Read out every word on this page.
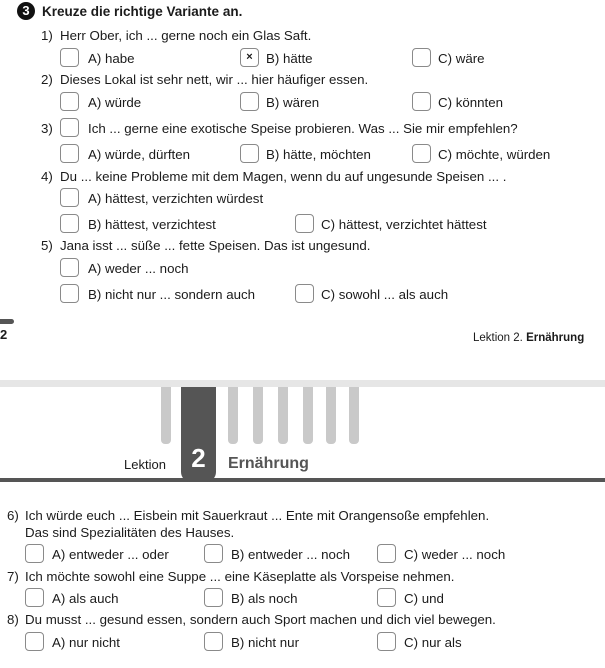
3 Kreuze die richtige Variante an.
1) Herr Ober, ich ... gerne noch ein Glas Saft.
A) habe	× B) hätte	C) wäre
2) Dieses Lokal ist sehr nett, wir ... hier häufiger essen.
A) würde	B) wären	C) könnten
3)	Ich ... gerne eine exotische Speise probieren. Was ... Sie mir empfehlen?
A) würde, dürften	B) hätte, möchten	C) möchte, würden
4) Du ... keine Probleme mit dem Magen, wenn du auf ungesunde Speisen ... .
A) hättest, verzichten würdest
B) hättest, verzichtest	C) hättest, verzichtet hättest
5) Jana isst ... süße ... fette Speisen. Das ist ungesund.
A) weder ... noch
B) nicht nur ... sondern auch	C) sowohl ... als auch
2	Lektion 2. Ernährung
2
Lektion	Ernährung
6) Ich würde euch ... Eisbein mit Sauerkraut ... Ente mit Orangensoße empfehlen.
Das sind Spezialitäten des Hauses.
A) entweder ... oder	B) entweder ... noch	C) weder ... noch
7) Ich möchte sowohl eine Suppe ... eine Käseplatte als Vorspeise nehmen.
A) als auch	B) als noch	C) und
8) Du musst ... gesund essen, sondern auch Sport machen und dich viel bewegen.
A) nur nicht	B) nicht nur	C) nur als
